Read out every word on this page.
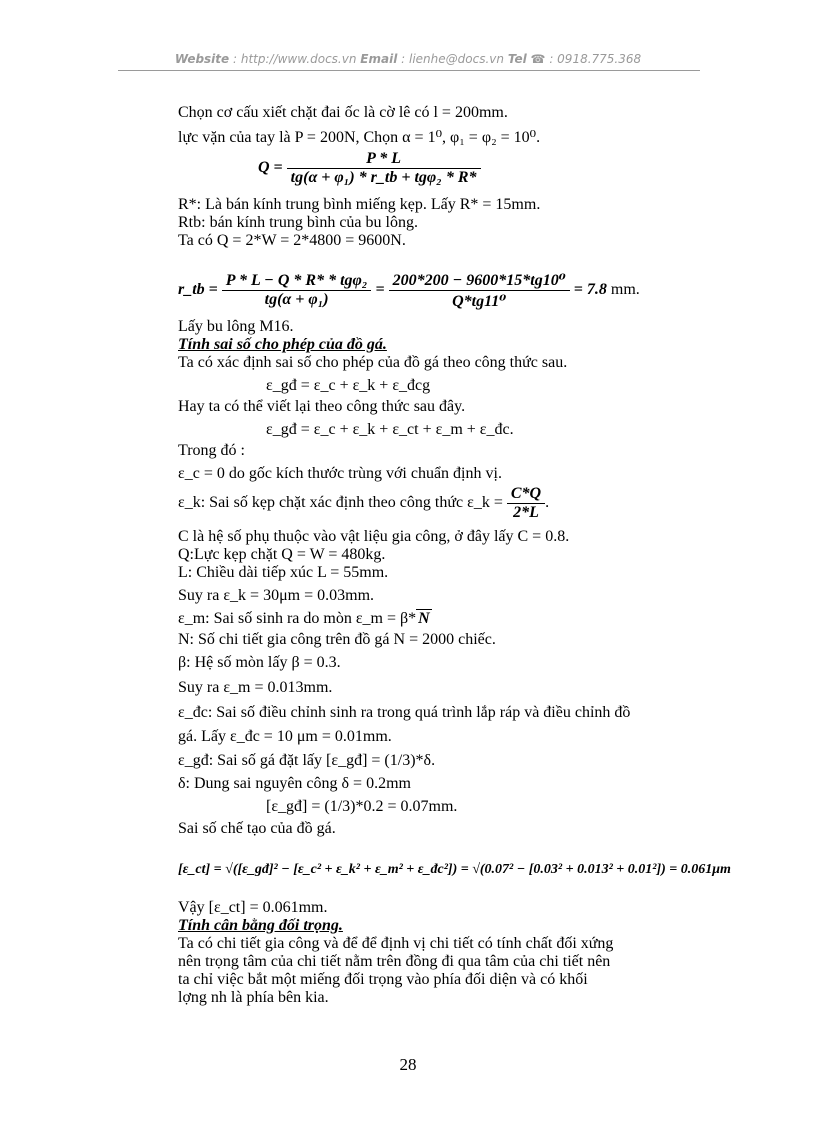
Website : http://www.docs.vn Email : lienhe@docs.vn Tel ☎ : 0918.775.368
Chọn cơ cấu xiết chặt đai ốc là cờ lê có l = 200mm.
lực vặn của tay là P = 200N, Chọn α = 1⁰, φ₁ = φ₂ = 10⁰.
$Q = \frac{P * L}{\text{tg(α + φ₁) * r\_tb + tgφ₂ * R*}}$
R*: Là bán kính trung bình miếng kẹp. Lấy R* = 15mm.
Rtb: bán kính trung bình của bu lông.
Ta có Q = 2*W = 2*4800 = 9600N.
r_tb = $\frac{\text{P * L − Q * R* * tgφ₂}}{\text{tg(α + φ₁)}} = \frac{\text{200*200 − 9600*15*tg10⁰}}{\text{Q*tg11⁰}} = 7.8$ mm.
Lấy bu lông M16.
Tính sai số cho phép của đồ gá.
Ta có xác định sai số cho phép của đồ gá theo công thức sau.
ε_gđ = ε_c + ε_k + ε_đcg
Hay ta có thể viết lại theo công thức sau đây.
ε_gđ = ε_c + ε_k + ε_ct + ε_m + ε_đc.
Trong đó :
ε_c = 0 do gốc kích thước trùng với chuẩn định vị.
ε_k: Sai số kẹp chặt xác định theo công thức ε_k = $\frac{C*Q}{2*L}$ .
C là hệ số phụ thuộc vào vật liệu gia công, ở đây lấy C = 0.8.
Q:Lực kẹp chặt Q = W = 480kg.
L: Chiều dài tiếp xúc L = 55mm.
Suy ra ε_k = 30μm = 0.03mm.
ε_m: Sai số sinh ra do mòn ε_m = β* N
N: Số chi tiết gia công trên đồ gá N = 2000 chiếc.
β: Hệ số mòn lấy β = 0.3.
Suy ra ε_m = 0.013mm.
ε_đc: Sai số điều chỉnh sinh ra trong quá trình lắp ráp và điều chỉnh đồ
gá. Lấy ε_đc = 10 μm = 0.01mm.
ε_gđ: Sai số gá đặt lấy [ε_gđ] = (1/3)*δ.
δ: Dung sai nguyên công δ = 0.2mm
[ε_gđ] = (1/3)*0.2 = 0.07mm.
Sai số chế tạo của đồ gá.
[ε_ct] = √([ε_gđ]² − [ε_c² + ε_k² + ε_m² + ε_đc²]) = √(0.07² − [0.03² + 0.013² + 0.01²]) = 0.061μm
Vậy [ε_ct] = 0.061mm.
Tính cân bằng đối trọng.
Ta có chi tiết gia công và để để định vị chi tiết có tính chất đối xứng
nên trọng tâm của chi tiết nằm trên đồng đi qua tâm của chi tiết nên
ta chỉ việc bắt một miếng đối trọng vào phía đối diện và có khối
lợng nh là phía bên kia.
28
